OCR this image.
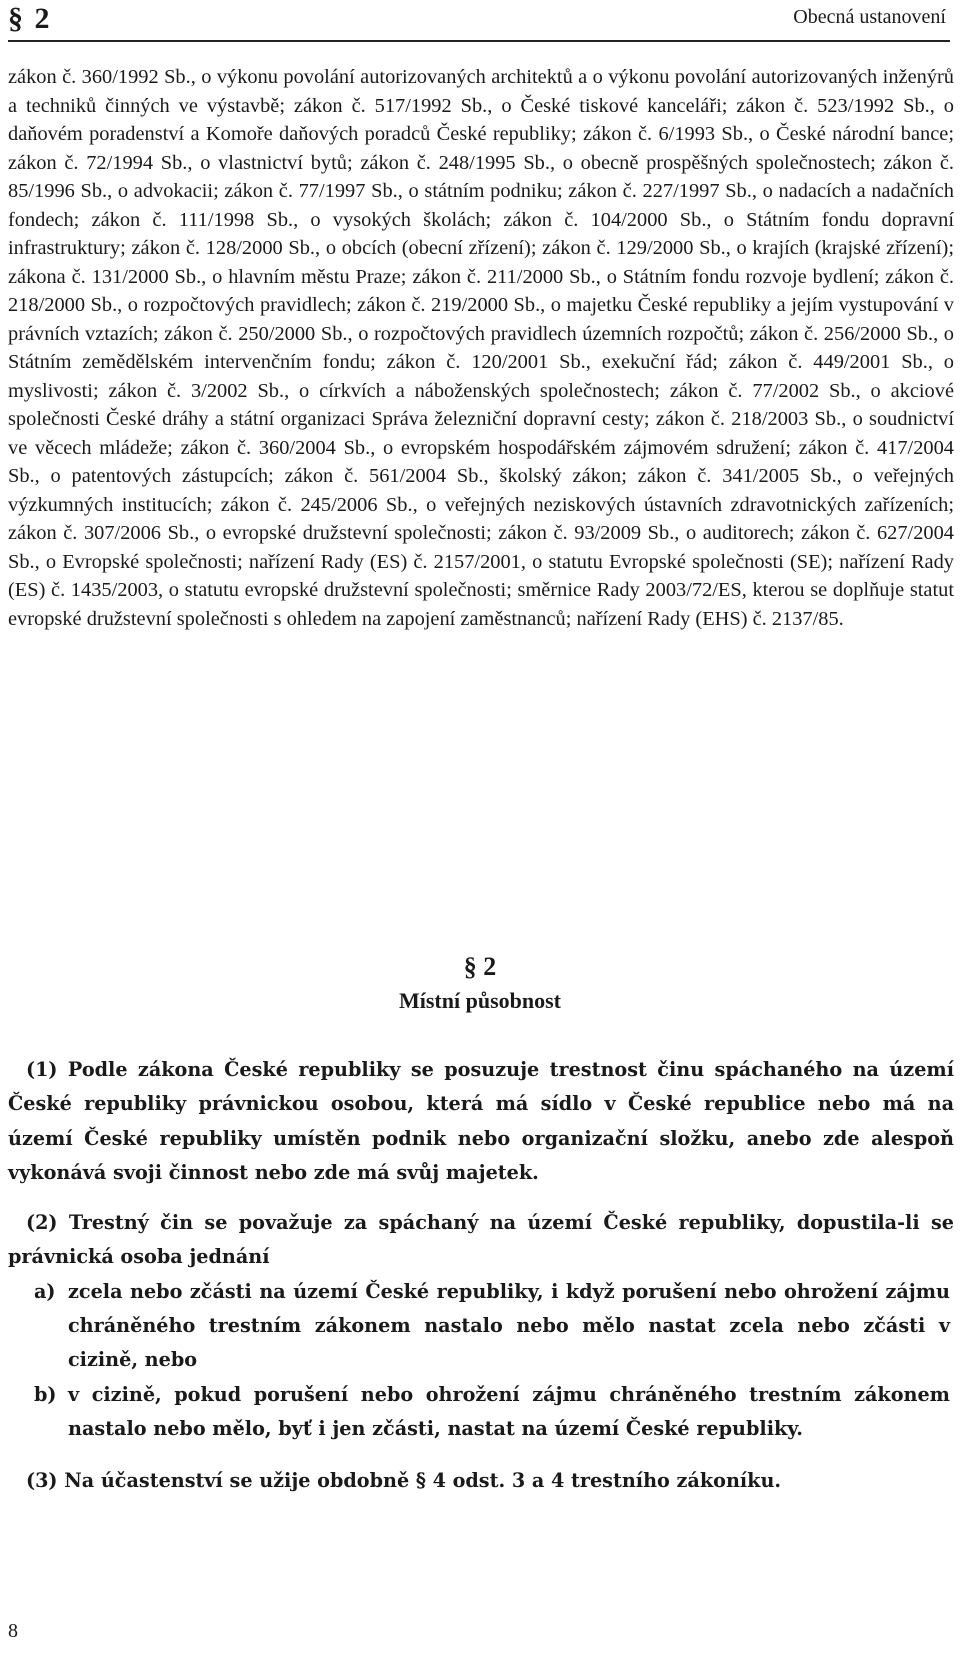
§ 2	Obecná ustanovení
zákon č. 360/1992 Sb., o výkonu povolání autorizovaných architektů a o výkonu povolání autorizovaných inženýrů a techniků činných ve výstavbě; zákon č. 517/1992 Sb., o České tiskové kanceláři; zákon č. 523/1992 Sb., o daňovém poradenství a Komoře daňových poradců České republiky; zákon č. 6/1993 Sb., o České národní bance; zákon č. 72/1994 Sb., o vlastnictví bytů; zákon č. 248/1995 Sb., o obecně prospěšných společnostech; zákon č. 85/1996 Sb., o advokacii; zákon č. 77/1997 Sb., o státním podniku; zákon č. 227/1997 Sb., o nadacích a nadačních fondech; zákon č. 111/1998 Sb., o vysokých školách; zákon č. 104/2000 Sb., o Státním fondu dopravní infrastruktury; zákon č. 128/2000 Sb., o obcích (obecní zřízení); zákon č. 129/2000 Sb., o krajích (krajské zřízení); zákona č. 131/2000 Sb., o hlavním městu Praze; zákon č. 211/2000 Sb., o Státním fondu rozvoje bydlení; zákon č. 218/2000 Sb., o rozpočtových pravidlech; zákon č. 219/2000 Sb., o majetku České republiky a jejím vystupování v právních vztazích; zákon č. 250/2000 Sb., o rozpočtových pravidlech územních rozpočtů; zákon č. 256/2000 Sb., o Státním zemědělském intervenčním fondu; zákon č. 120/2001 Sb., exekuční řád; zákon č. 449/2001 Sb., o myslivosti; zákon č. 3/2002 Sb., o církvích a náboženských společnostech; zákon č. 77/2002 Sb., o akciové společnosti České dráhy a státní organizaci Správa železniční dopravní cesty; zákon č. 218/2003 Sb., o soudnictví ve věcech mládeže; zákon č. 360/2004 Sb., o evropském hospodářském zájmovém sdružení; zákon č. 417/2004 Sb., o patentových zástupcích; zákon č. 561/2004 Sb., školský zákon; zákon č. 341/2005 Sb., o veřejných výzkumných institucích; zákon č. 245/2006 Sb., o veřejných neziskových ústavních zdravotnických zařízeních; zákon č. 307/2006 Sb., o evropské družstevní společnosti; zákon č. 93/2009 Sb., o auditorech; zákon č. 627/2004 Sb., o Evropské společnosti; nařízení Rady (ES) č. 2157/2001, o statutu Evropské společnosti (SE); nařízení Rady (ES) č. 1435/2003, o statutu evropské družstevní společnosti; směrnice Rady 2003/72/ES, kterou se doplňuje statut evropské družstevní společnosti s ohledem na zapojení zaměstnanců; nařízení Rady (EHS) č. 2137/85.
§ 2
Místní působnost

(1) Podle zákona České republiky se posuzuje trestnost činu spáchaného na území České republiky právnickou osobou, která má sídlo v České republice nebo má na území České republiky umístěn podnik nebo organizační složku, anebo zde alespoň vykonává svoji činnost nebo zde má svůj majetek.

(2) Trestný čin se považuje za spáchaný na území České republiky, dopustila-li se právnická osoba jednání

a) zcela nebo zčásti na území České republiky, i když porušení nebo ohrožení zájmu chráněného trestním zákonem nastalo nebo mělo nastat zcela nebo zčásti v cizině, nebo
b) v cizině, pokud porušení nebo ohrožení zájmu chráněného trestním zákonem nastalo nebo mělo, byť i jen zčásti, nastat na území České republiky.

(3) Na účastenství se užije obdobně § 4 odst. 3 a 4 trestního zákoníku.

8
